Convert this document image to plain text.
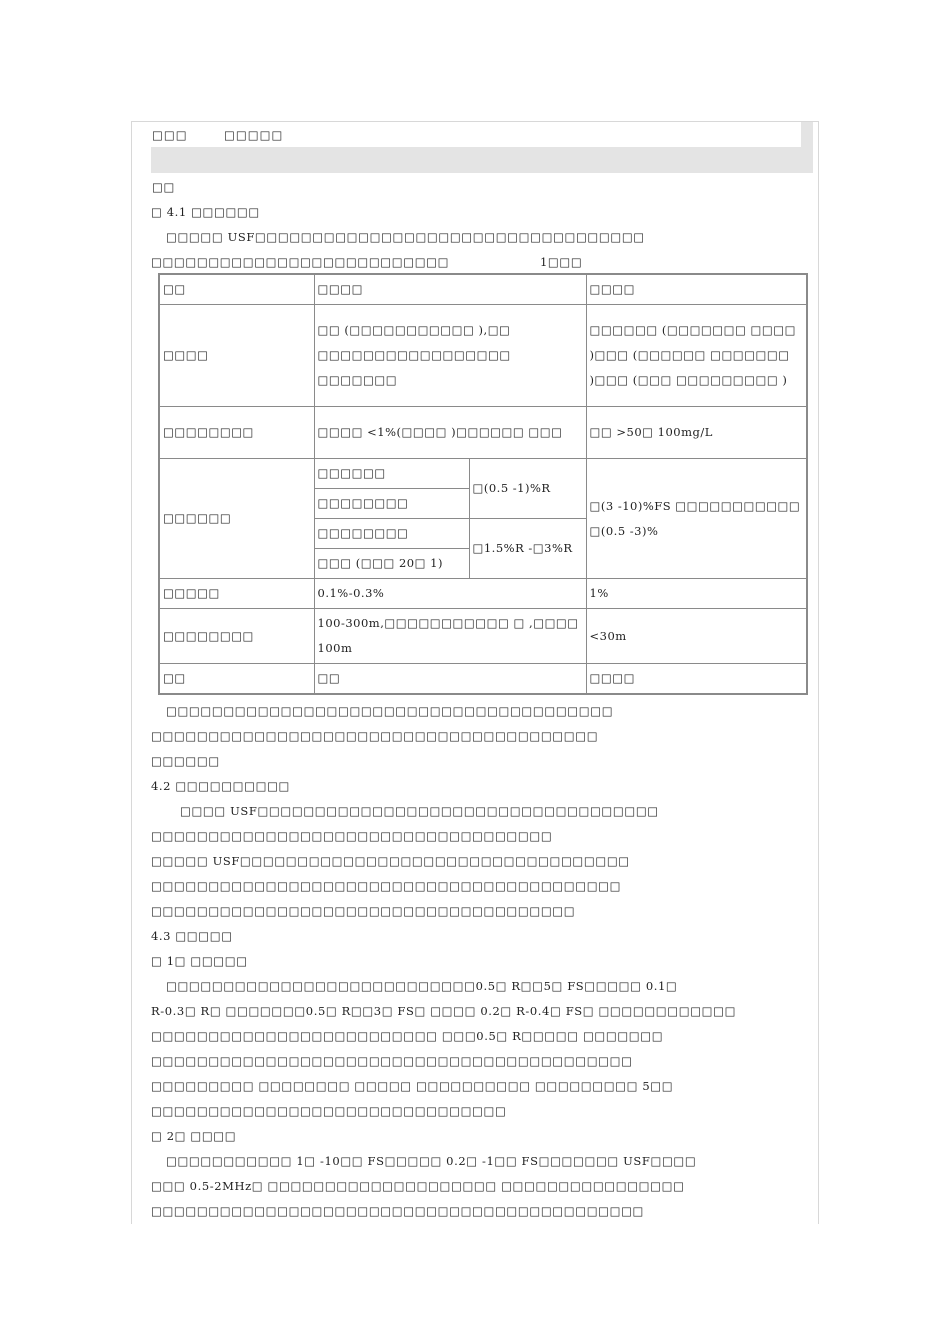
□□□	□□□□□
□□
□ 4.1 □□□□□□
□□□□□ USF□□□□□□□□□□□□□□□□□□□□□□□□□□□□□□□□□□
□□□□□□□□□□□□□□□□□□□□□□□□□□	1□□□
□□	□□□□		□□□□
□□□□	□□ (□□□□□□□□□□□ ),□□ □□□□□□□□□□□□□□□□□ □□□□□□□		□□□□□□ (□□□□□□□ □□□□ )□□□ (□□□□□□ □□□□□□□ )□□□ (□□□ □□□□□□□□□ )
□□□□□□□□	□□□□ <1%(□□□□ )□□□□□□ □□□		□□ >50□ 100mg/L
□□□□□□	□□□□□□	□(0.5 -1)%R	□(3 -10)%FS □□□□□□□□□□□ □(0.5 -3)%
	□□□□□□□□		
	□□□□□□□□	□1.5%R -□3%R	
	□□□ (□□□ 20□ 1)		
□□□□□	0.1%-0.3%		1%
□□□□□□□□	100-300m,□□□□□□□□□□□ □ ,□□□□ 100m		<30m
□□	□□		□□□□
□□□□□□□□□□□□□□□□□□□□□□□□□□□□□□□□□□□□□□□
□□□□□□□□□□□□□□□□□□□□□□□□□□□□□□□□□□□□□□□
□□□□□□
4.2 □□□□□□□□□□
□□□□ USF□□□□□□□□□□□□□□□□□□□□□□□□□□□□□□□□□□□
□□□□□□□□□□□□□□□□□□□□□□□□□□□□□□□□□□□
□□□□□ USF□□□□□□□□□□□□□□□□□□□□□□□□□□□□□□□□□□
□□□□□□□□□□□□□□□□□□□□□□□□□□□□□□□□□□□□□□□□□
□□□□□□□□□□□□□□□□□□□□□□□□□□□□□□□□□□□□□
4.3 □□□□□
□ 1□ □□□□□
□□□□□□□□□□□□□□□□□□□□□□□□□□□0.5□ R□□5□ FS□□□□□ 0.1□
R-0.3□ R□ □□□□□□□0.5□ R□□3□ FS□ □□□□ 0.2□ R-0.4□ FS□ □□□□□□□□□□□□
□□□□□□□□□□□□□□□□□□□□□□□□□ □□□0.5□ R□□□□□ □□□□□□□
□□□□□□□□□□□□□□□□□□□□□□□□□□□□□□□□□□□□□□□□□□
□□□□□□□□□ □□□□□□□□ □□□□□ □□□□□□□□□□ □□□□□□□□□ 5□□
□□□□□□□□□□□□□□□□□□□□□□□□□□□□□□□
□ 2□ □□□□
□□□□□□□□□□□ 1□ -10□□ FS□□□□□ 0.2□ -1□□ FS□□□□□□□ USF□□□□
□□□ 0.5-2MHz□ □□□□□□□□□□□□□□□□□□□□ □□□□□□□□□□□□□□□□
□□□□□□□□□□□□□□□□□□□□□□□□□□□□□□□□□□□□□□□□□□□
